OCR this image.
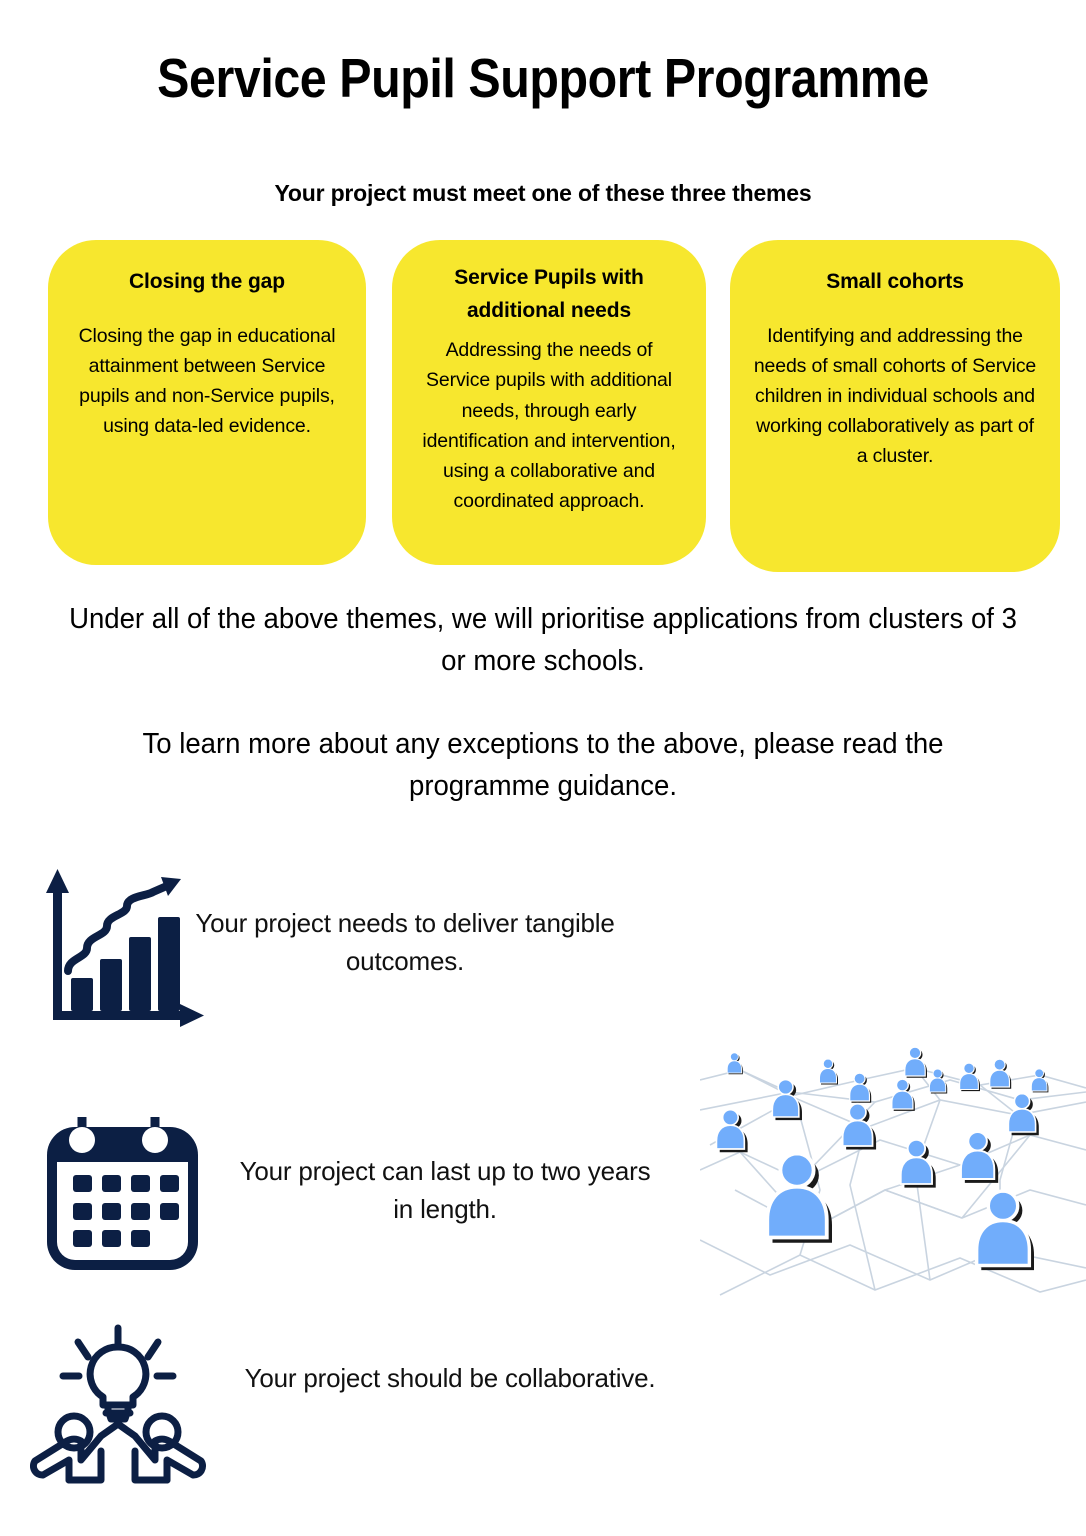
Service Pupil Support Programme
Your project must meet one of these three themes
Closing the gap
Closing the gap in educational attainment between Service pupils and non-Service pupils, using data-led evidence.
Service Pupils with additional needs
Addressing the needs of Service pupils with additional needs, through early identification and intervention, using a collaborative and coordinated approach.
Small cohorts
Identifying and addressing the needs of small cohorts of Service children in individual schools and working collaboratively as part of a cluster.
Under all of the above themes, we will prioritise applications from clusters of 3 or more schools.
To learn more about any exceptions to the above, please read the programme guidance.
Your project needs to deliver tangible outcomes.
Your project can last up to two years in length.
Your project should be collaborative.
